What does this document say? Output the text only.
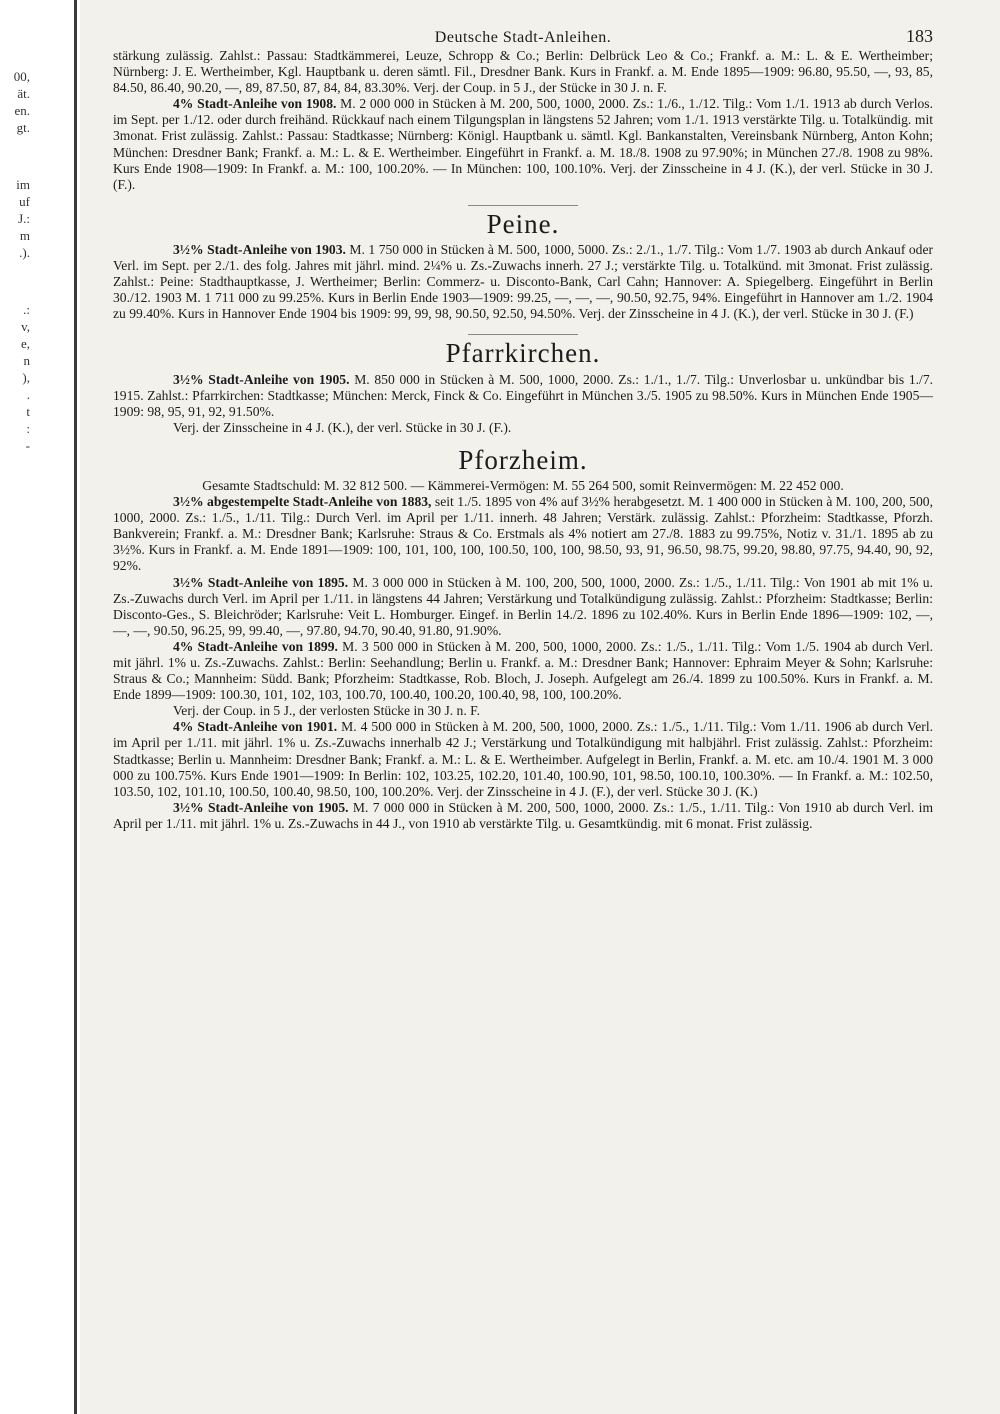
00,
ät.
en.
gt.
im
uf
J.:
m
.).
.:
v,
e,
n
),
.
t
:
-
Deutsche Stadt-Anleihen.	183

stärkung zulässig. Zahlst.: Passau: Stadtkämmerei, Leuze, Schropp & Co.; Berlin: Delbrück Leo & Co.; Frankf. a. M.: L. & E. Wertheimber; Nürnberg: J. E. Wertheimber, Kgl. Hauptbank u. deren sämtl. Fil., Dresdner Bank. Kurs in Frankf. a. M. Ende 1895—1909: 96.80, 95.50, —, 93, 85, 84.50, 86.40, 90.20, —, 89, 87.50, 87, 84, 84, 83.30%. Verj. der Coup. in 5 J., der Stücke in 30 J. n. F.

4% Stadt-Anleihe von 1908. M. 2 000 000 in Stücken à M. 200, 500, 1000, 2000. Zs.: 1./6., 1./12. Tilg.: Vom 1./1. 1913 ab durch Verlos. im Sept. per 1./12. oder durch freihänd. Rückkauf nach einem Tilgungsplan in längstens 52 Jahren; vom 1./1. 1913 verstärkte Tilg. u. Totalkündig. mit 3monat. Frist zulässig. Zahlst.: Passau: Stadtkasse; Nürnberg: Königl. Hauptbank u. sämtl. Kgl. Bankanstalten, Vereinsbank Nürnberg, Anton Kohn; München: Dresdner Bank; Frankf. a. M.: L. & E. Wertheimber. Eingeführt in Frankf. a. M. 18./8. 1908 zu 97.90%; in München 27./8. 1908 zu 98%. Kurs Ende 1908—1909: In Frankf. a. M.: 100, 100.20%. — In München: 100, 100.10%. Verj. der Zinsscheine in 4 J. (K.), der verl. Stücke in 30 J. (F.).

Peine.

3½% Stadt-Anleihe von 1903. M. 1 750 000 in Stücken à M. 500, 1000, 5000. Zs.: 2./1., 1./7. Tilg.: Vom 1./7. 1903 ab durch Ankauf oder Verl. im Sept. per 2./1. des folg. Jahres mit jährl. mind. 2¼% u. Zs.-Zuwachs innerh. 27 J.; verstärkte Tilg. u. Totalkünd. mit 3monat. Frist zulässig. Zahlst.: Peine: Stadthauptkasse, J. Wertheimer; Berlin: Commerz- u. Disconto-Bank, Carl Cahn; Hannover: A. Spiegelberg. Eingeführt in Berlin 30./12. 1903 M. 1 711 000 zu 99.25%. Kurs in Berlin Ende 1903—1909: 99.25, —, —, —, 90.50, 92.75, 94%. Eingeführt in Hannover am 1./2. 1904 zu 99.40%. Kurs in Hannover Ende 1904 bis 1909: 99, 99, 98, 90.50, 92.50, 94.50%. Verj. der Zinsscheine in 4 J. (K.), der verl. Stücke in 30 J. (F.)

Pfarrkirchen.

3½% Stadt-Anleihe von 1905. M. 850 000 in Stücken à M. 500, 1000, 2000. Zs.: 1./1., 1./7. Tilg.: Unverlosbar u. unkündbar bis 1./7. 1915. Zahlst.: Pfarrkirchen: Stadtkasse; München: Merck, Finck & Co. Eingeführt in München 3./5. 1905 zu 98.50%. Kurs in München Ende 1905—1909: 98, 95, 91, 92, 91.50%.

Verj. der Zinsscheine in 4 J. (K.), der verl. Stücke in 30 J. (F.).

Pforzheim.

Gesamte Stadtschuld: M. 32 812 500. — Kämmerei-Vermögen: M. 55 264 500, somit Reinvermögen: M. 22 452 000.

3½% abgestempelte Stadt-Anleihe von 1883, seit 1./5. 1895 von 4% auf 3½% herabgesetzt. M. 1 400 000 in Stücken à M. 100, 200, 500, 1000, 2000. Zs.: 1./5., 1./11. Tilg.: Durch Verl. im April per 1./11. innerh. 48 Jahren; Verstärk. zulässig. Zahlst.: Pforzheim: Stadtkasse, Pforzh. Bankverein; Frankf. a. M.: Dresdner Bank; Karlsruhe: Straus & Co. Erstmals als 4% notiert am 27./8. 1883 zu 99.75%, Notiz v. 31./1. 1895 ab zu 3½%. Kurs in Frankf. a. M. Ende 1891—1909: 100, 101, 100, 100, 100.50, 100, 100, 98.50, 93, 91, 96.50, 98.75, 99.20, 98.80, 97.75, 94.40, 90, 92, 92%.

3½% Stadt-Anleihe von 1895. M. 3 000 000 in Stücken à M. 100, 200, 500, 1000, 2000. Zs.: 1./5., 1./11. Tilg.: Von 1901 ab mit 1% u. Zs.-Zuwachs durch Verl. im April per 1./11. in längstens 44 Jahren; Verstärkung und Totalkündigung zulässig. Zahlst.: Pforzheim: Stadtkasse; Berlin: Disconto-Ges., S. Bleichröder; Karlsruhe: Veit L. Homburger. Eingef. in Berlin 14./2. 1896 zu 102.40%. Kurs in Berlin Ende 1896—1909: 102, —, —, —, 90.50, 96.25, 99, 99.40, —, 97.80, 94.70, 90.40, 91.80, 91.90%.

4% Stadt-Anleihe von 1899. M. 3 500 000 in Stücken à M. 200, 500, 1000, 2000. Zs.: 1./5., 1./11. Tilg.: Vom 1./5. 1904 ab durch Verl. mit jährl. 1% u. Zs.-Zuwachs. Zahlst.: Berlin: Seehandlung; Berlin u. Frankf. a. M.: Dresdner Bank; Hannover: Ephraim Meyer & Sohn; Karlsruhe: Straus & Co.; Mannheim: Südd. Bank; Pforzheim: Stadtkasse, Rob. Bloch, J. Joseph. Aufgelegt am 26./4. 1899 zu 100.50%. Kurs in Frankf. a. M. Ende 1899—1909: 100.30, 101, 102, 103, 100.70, 100.40, 100.20, 100.40, 98, 100, 100.20%.

Verj. der Coup. in 5 J., der verlosten Stücke in 30 J. n. F.

4% Stadt-Anleihe von 1901. M. 4 500 000 in Stücken à M. 200, 500, 1000, 2000. Zs.: 1./5., 1./11. Tilg.: Vom 1./11. 1906 ab durch Verl. im April per 1./11. mit jährl. 1% u. Zs.-Zuwachs innerhalb 42 J.; Verstärkung und Totalkündigung mit halbjährl. Frist zulässig. Zahlst.: Pforzheim: Stadtkasse; Berlin u. Mannheim: Dresdner Bank; Frankf. a. M.: L. & E. Wertheimber. Aufgelegt in Berlin, Frankf. a. M. etc. am 10./4. 1901 M. 3 000 000 zu 100.75%. Kurs Ende 1901—1909: In Berlin: 102, 103.25, 102.20, 101.40, 100.90, 101, 98.50, 100.10, 100.30%. — In Frankf. a. M.: 102.50, 103.50, 102, 101.10, 100.50, 100.40, 98.50, 100, 100.20%. Verj. der Zinsscheine in 4 J. (F.), der verl. Stücke 30 J. (K.)

3½% Stadt-Anleihe von 1905. M. 7 000 000 in Stücken à M. 200, 500, 1000, 2000. Zs.: 1./5., 1./11. Tilg.: Von 1910 ab durch Verl. im April per 1./11. mit jährl. 1% u. Zs.-Zuwachs in 44 J., von 1910 ab verstärkte Tilg. u. Gesamtkündig. mit 6 monat. Frist zulässig.
